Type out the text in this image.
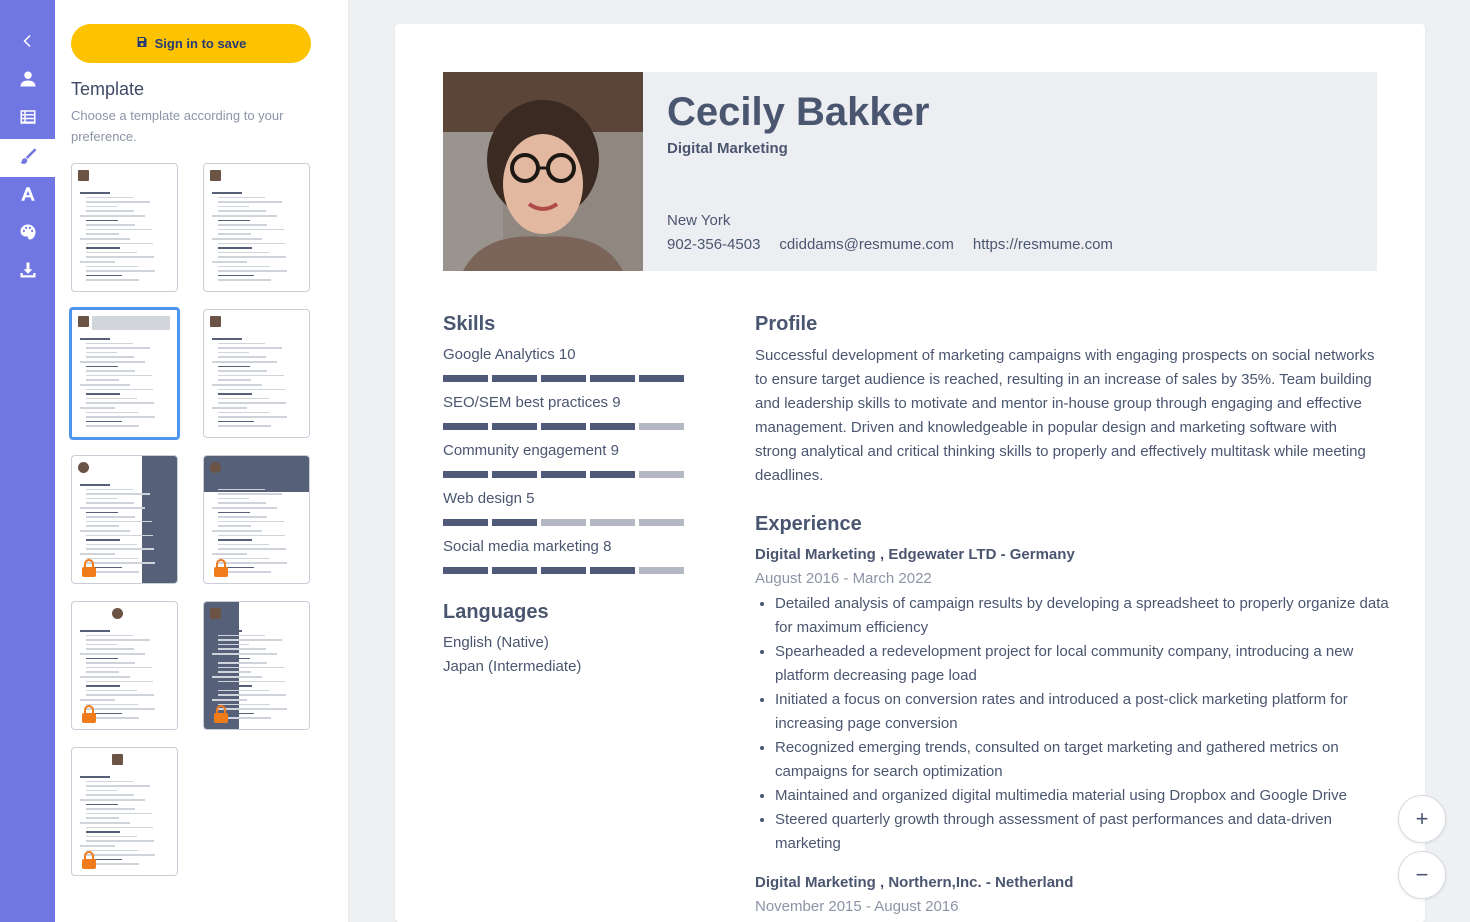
Sign in to save
Template
Choose a template according to your preference.
Cecily Bakker
Digital Marketing
New York
902-356-4503 cdiddams@resmume.com https://resmume.com
Skills
Google Analytics 10
SEO/SEM best practices 9
Community engagement 9
Web design 5
Social media marketing 8
Languages
English (Native)
Japan (Intermediate)
Profile
Successful development of marketing campaigns with engaging prospects on social networks to ensure target audience is reached, resulting in an increase of sales by 35%. Team building and leadership skills to motivate and mentor in-house group through engaging and effective management. Driven and knowledgeable in popular design and marketing software with strong analytical and critical thinking skills to properly and effectively multitask while meeting deadlines.
Experience
Digital Marketing , Edgewater LTD - Germany
August 2016 - March 2022
• Detailed analysis of campaign results by developing a spreadsheet to properly organize data for maximum efficiency
• Spearheaded a redevelopment project for local community company, introducing a new platform decreasing page load
• Initiated a focus on conversion rates and introduced a post-click marketing platform for increasing page conversion
• Recognized emerging trends, consulted on target marketing and gathered metrics on campaigns for search optimization
• Maintained and organized digital multimedia material using Dropbox and Google Drive
• Steered quarterly growth through assessment of past performances and data-driven marketing
Digital Marketing , Northern,Inc. - Netherland
November 2015 - August 2016
+
−
